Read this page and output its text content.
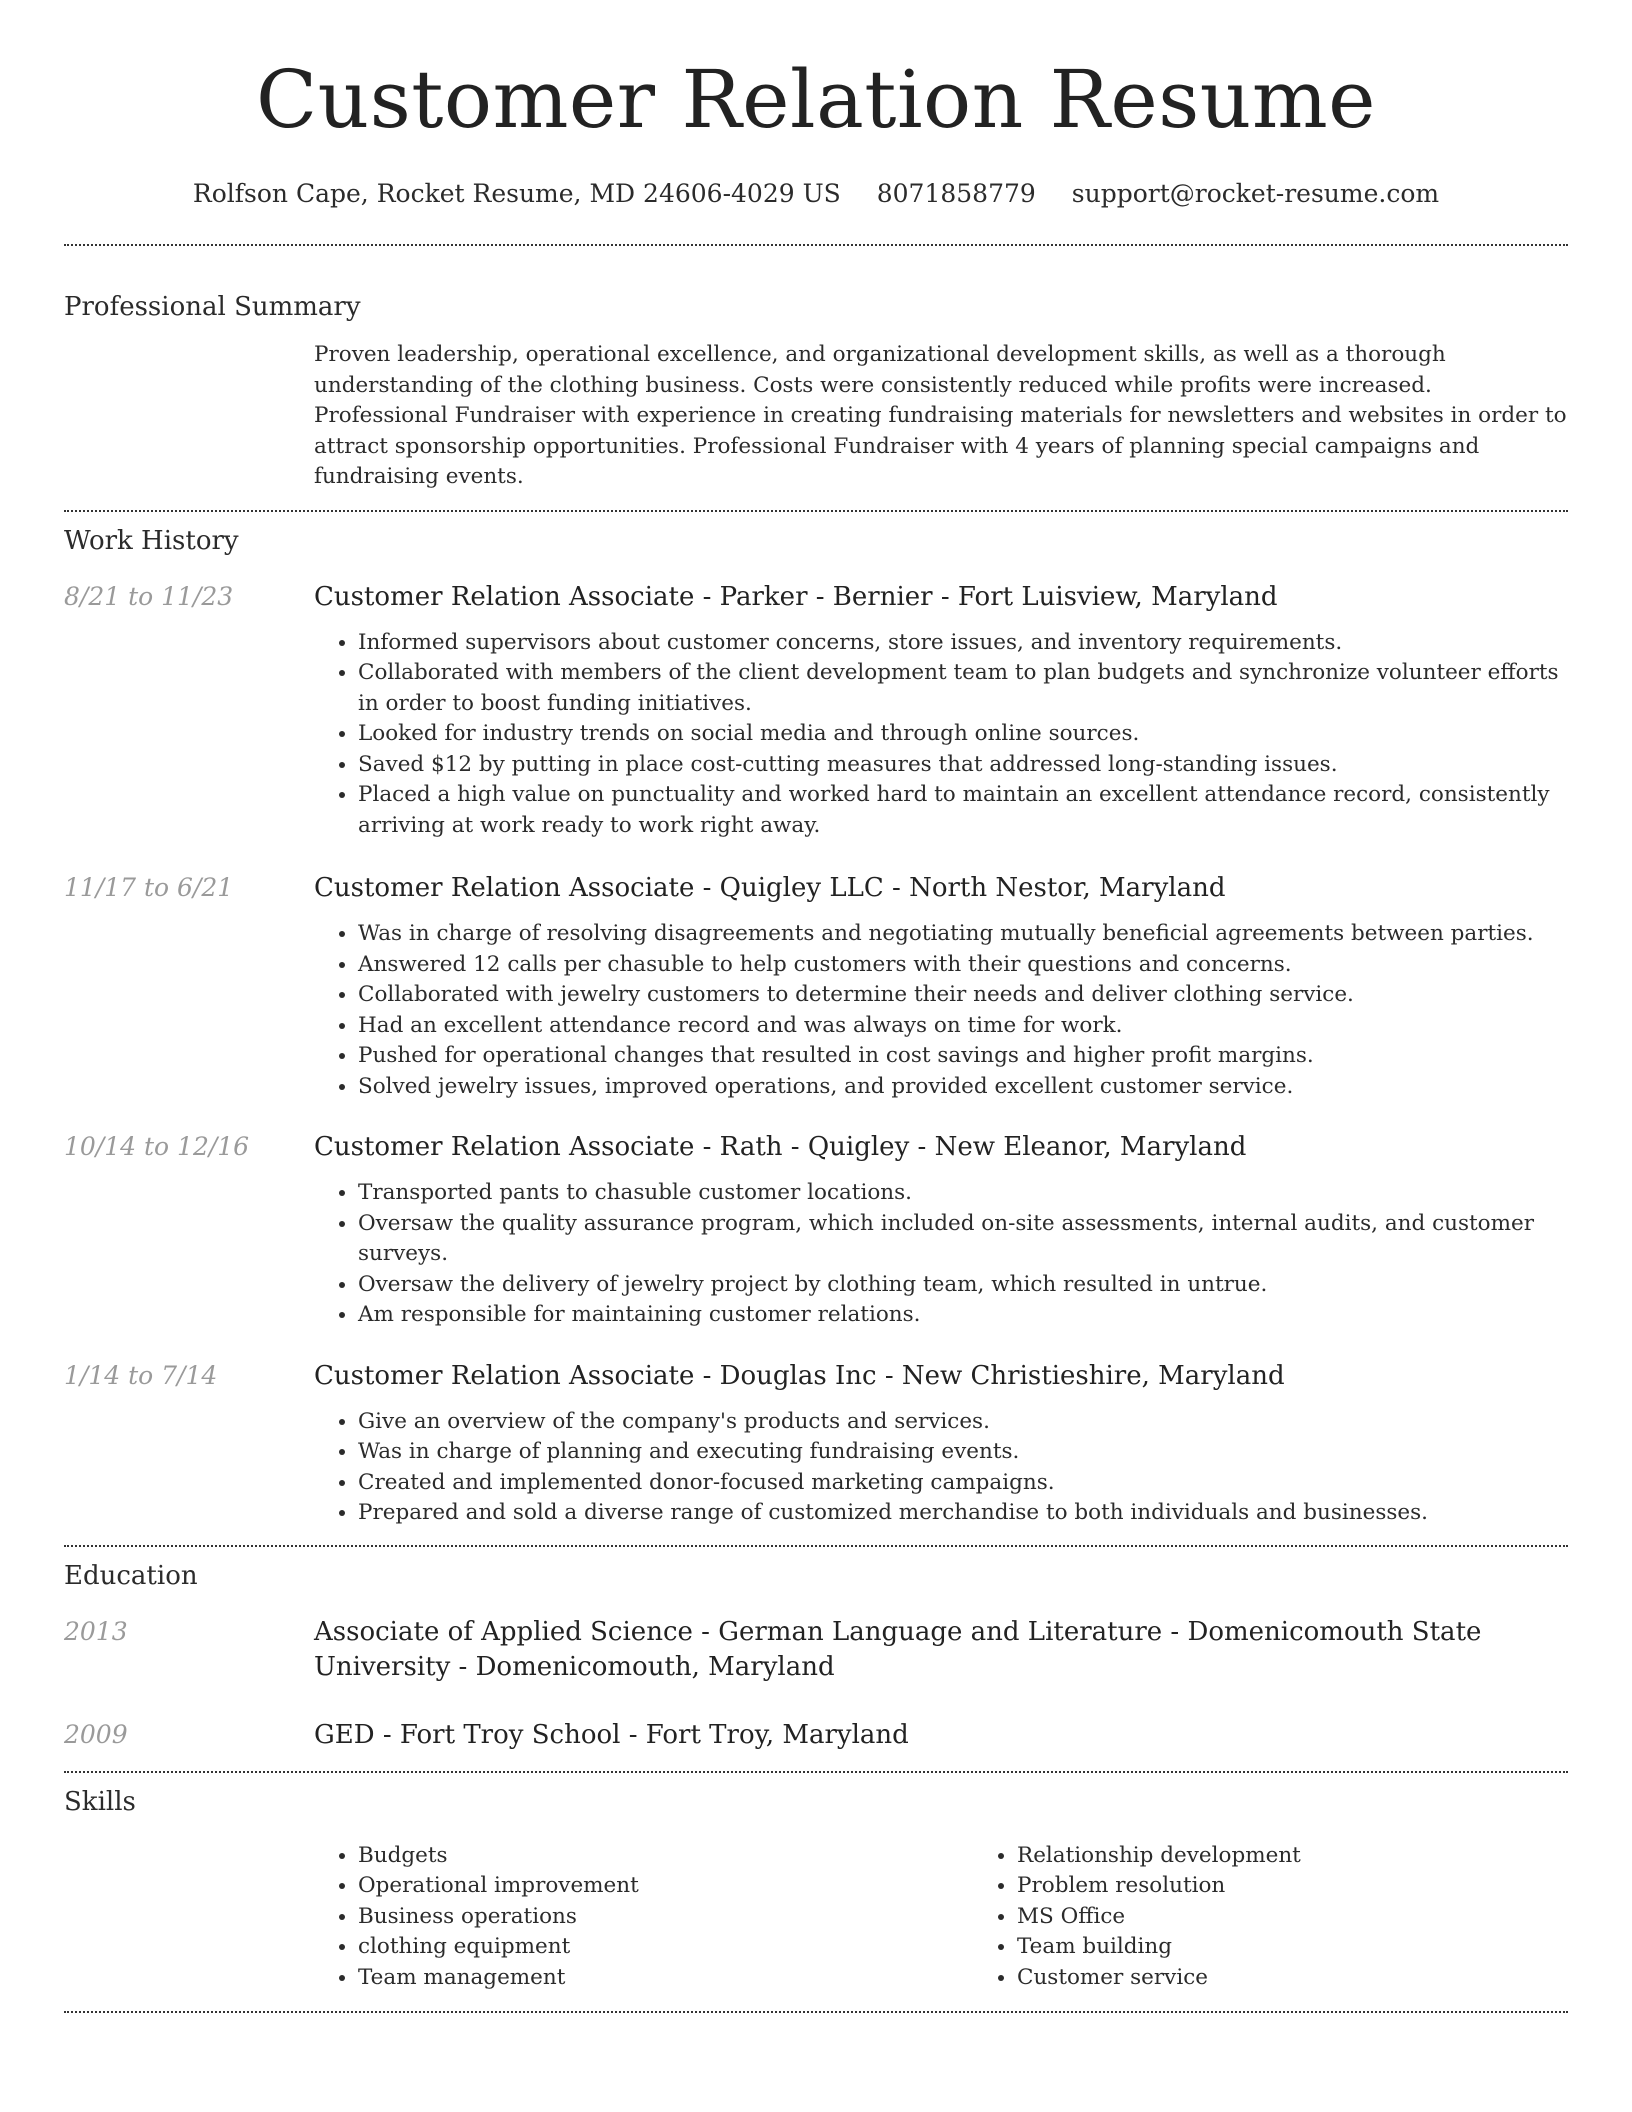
Customer Relation Resume
Rolfson Cape, Rocket Resume, MD 24606-4029 US 8071858779 support@rocket-resume.com
Professional Summary
Proven leadership, operational excellence, and organizational development skills, as well as a thorough understanding of the clothing business. Costs were consistently reduced while profits were increased. Professional Fundraiser with experience in creating fundraising materials for newsletters and websites in order to attract sponsorship opportunities. Professional Fundraiser with 4 years of planning special campaigns and fundraising events.
Work History
8/21 to 11/23	Customer Relation Associate - Parker - Bernier - Fort Luisview, Maryland
• Informed supervisors about customer concerns, store issues, and inventory requirements.
• Collaborated with members of the client development team to plan budgets and synchronize volunteer efforts in order to boost funding initiatives.
• Looked for industry trends on social media and through online sources.
• Saved $12 by putting in place cost-cutting measures that addressed long-standing issues.
• Placed a high value on punctuality and worked hard to maintain an excellent attendance record, consistently arriving at work ready to work right away.
11/17 to 6/21	Customer Relation Associate - Quigley LLC - North Nestor, Maryland
• Was in charge of resolving disagreements and negotiating mutually beneficial agreements between parties.
• Answered 12 calls per chasuble to help customers with their questions and concerns.
• Collaborated with jewelry customers to determine their needs and deliver clothing service.
• Had an excellent attendance record and was always on time for work.
• Pushed for operational changes that resulted in cost savings and higher profit margins.
• Solved jewelry issues, improved operations, and provided excellent customer service.
10/14 to 12/16	Customer Relation Associate - Rath - Quigley - New Eleanor, Maryland
• Transported pants to chasuble customer locations.
• Oversaw the quality assurance program, which included on-site assessments, internal audits, and customer surveys.
• Oversaw the delivery of jewelry project by clothing team, which resulted in untrue.
• Am responsible for maintaining customer relations.
1/14 to 7/14	Customer Relation Associate - Douglas Inc - New Christieshire, Maryland
• Give an overview of the company's products and services.
• Was in charge of planning and executing fundraising events.
• Created and implemented donor-focused marketing campaigns.
• Prepared and sold a diverse range of customized merchandise to both individuals and businesses.
Education
2013	Associate of Applied Science - German Language and Literature - Domenicomouth State University - Domenicomouth, Maryland
2009	GED - Fort Troy School - Fort Troy, Maryland
Skills
• Budgets
• Operational improvement
• Business operations
• clothing equipment
• Team management
• Relationship development
• Problem resolution
• MS Office
• Team building
• Customer service
